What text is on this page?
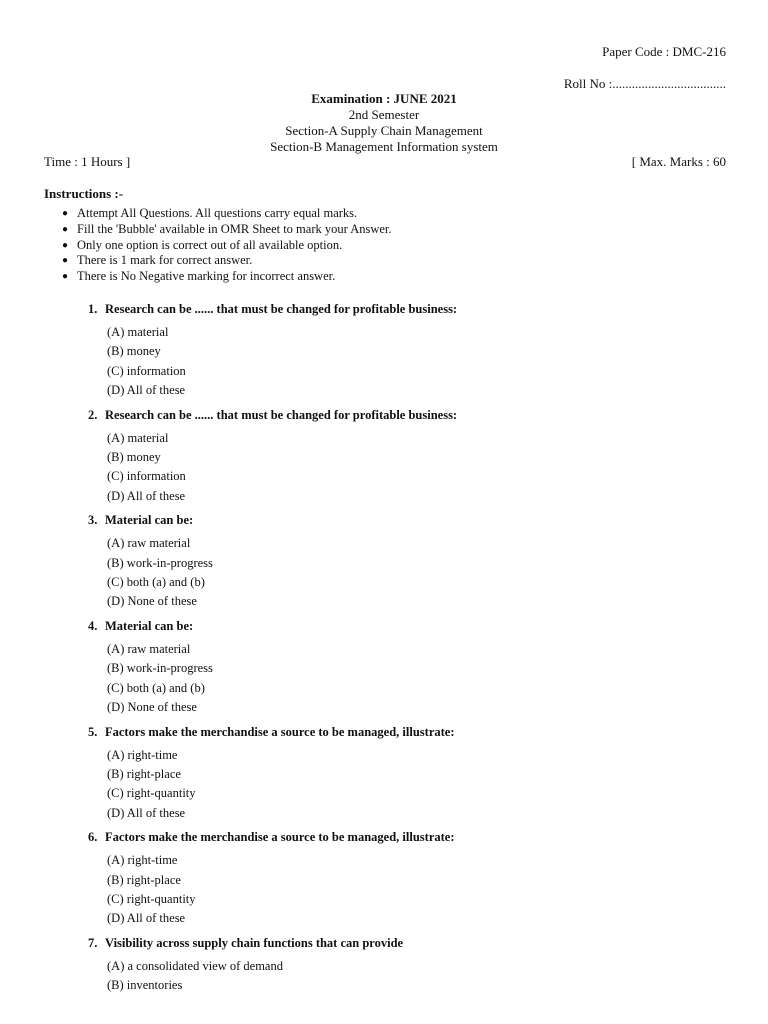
Paper Code : DMC-216
Roll No :...................................
Examination : JUNE 2021
2nd Semester
Section-A Supply Chain Management
Section-B Management Information system
Time : 1 Hours ]	[ Max. Marks : 60
Instructions :-
● Attempt All Questions. All questions carry equal marks.
● Fill the 'Bubble' available in OMR Sheet to mark your Answer.
● Only one option is correct out of all available option.
● There is 1 mark for correct answer.
● There is No Negative marking for incorrect answer.
1. Research can be ...... that must be changed for profitable business:
(A) material
(B) money
(C) information
(D) All of these
2. Research can be ...... that must be changed for profitable business:
(A) material
(B) money
(C) information
(D) All of these
3. Material can be:
(A) raw material
(B) work-in-progress
(C) both (a) and (b)
(D) None of these
4. Material can be:
(A) raw material
(B) work-in-progress
(C) both (a) and (b)
(D) None of these
5. Factors make the merchandise a source to be managed, illustrate:
(A) right-time
(B) right-place
(C) right-quantity
(D) All of these
6. Factors make the merchandise a source to be managed, illustrate:
(A) right-time
(B) right-place
(C) right-quantity
(D) All of these
7. Visibility across supply chain functions that can provide
(A) a consolidated view of demand
(B) inventories
